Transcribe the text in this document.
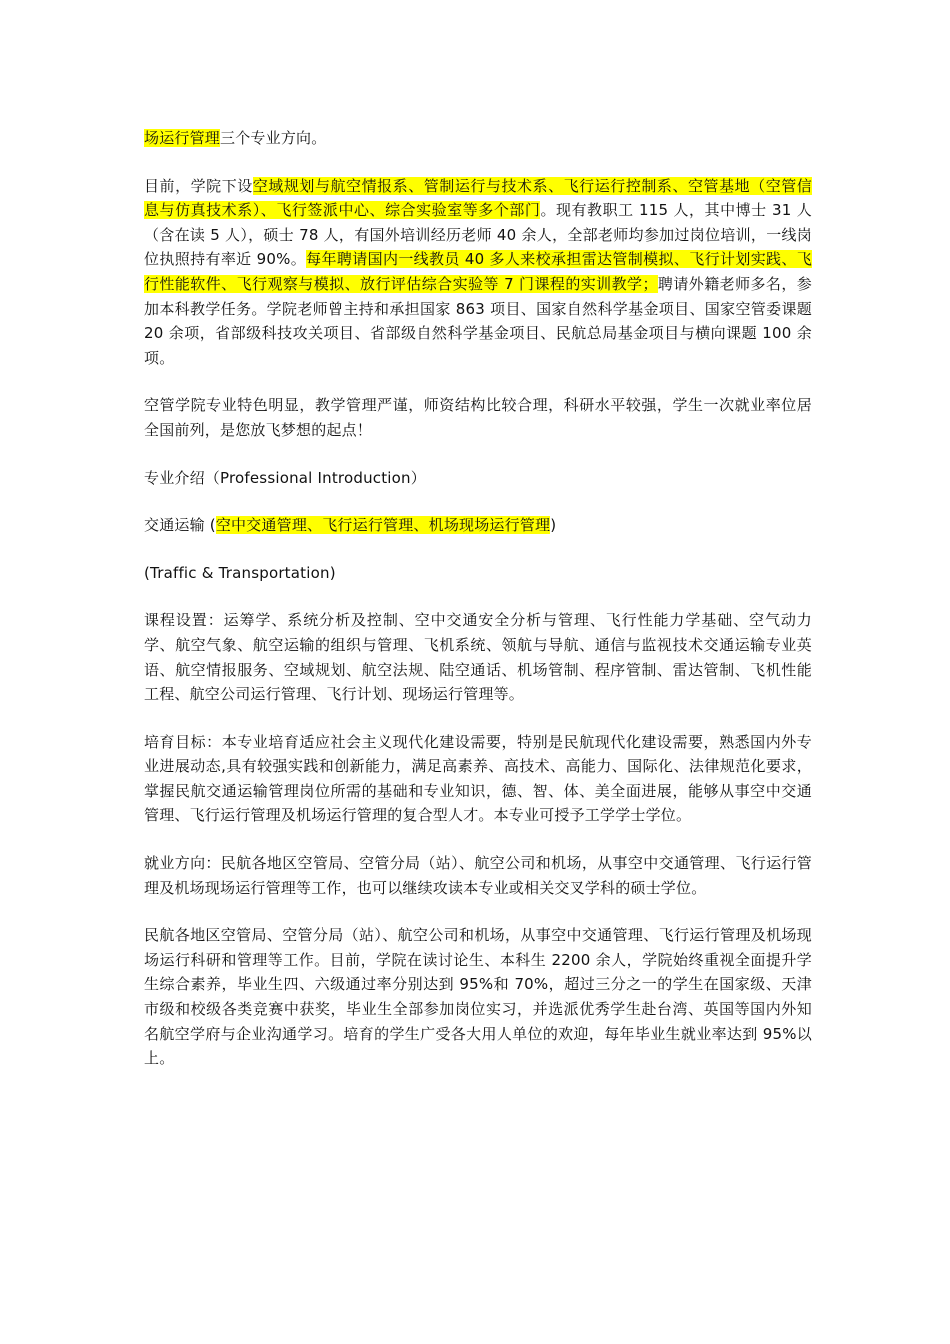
场运行管理三个专业方向。

目前，学院下设空域规划与航空情报系、管制运行与技术系、飞行运行控制系、空管基地（空管信息与仿真技术系）、飞行签派中心、综合实验室等多个部门。现有教职工 115 人，其中博士 31 人（含在读 5 人），硕士 78 人，有国外培训经历老师 40 余人，全部老师均参加过岗位培训，一线岗位执照持有率近 90%。每年聘请国内一线教员 40 多人来校承担雷达管制模拟、飞行计划实践、飞行性能软件、飞行观察与模拟、放行评估综合实验等 7 门课程的实训教学；聘请外籍老师多名，参加本科教学任务。学院老师曾主持和承担国家 863 项目、国家自然科学基金项目、国家空管委课题 20 余项，省部级科技攻关项目、省部级自然科学基金项目、民航总局基金项目与横向课题 100 余项。

空管学院专业特色明显，教学管理严谨，师资结构比较合理，科研水平较强，学生一次就业率位居全国前列，是您放飞梦想的起点！

专业介绍（Professional Introduction）

交通运输 (空中交通管理、飞行运行管理、机场现场运行管理)

(Traffic & Transportation)

课程设置：运筹学、系统分析及控制、空中交通安全分析与管理、飞行性能力学基础、空气动力学、航空气象、航空运输的组织与管理、飞机系统、领航与导航、通信与监视技术交通运输专业英语、航空情报服务、空域规划、航空法规、陆空通话、机场管制、程序管制、雷达管制、飞机性能工程、航空公司运行管理、飞行计划、现场运行管理等。

培育目标：本专业培育适应社会主义现代化建设需要，特别是民航现代化建设需要，熟悉国内外专业进展动态,具有较强实践和创新能力，满足高素养、高技术、高能力、国际化、法律规范化要求，掌握民航交通运输管理岗位所需的基础和专业知识，德、智、体、美全面进展，能够从事空中交通管理、飞行运行管理及机场运行管理的复合型人才。本专业可授予工学学士学位。

就业方向：民航各地区空管局、空管分局（站）、航空公司和机场，从事空中交通管理、飞行运行管理及机场现场运行管理等工作，也可以继续攻读本专业或相关交叉学科的硕士学位。

民航各地区空管局、空管分局（站）、航空公司和机场，从事空中交通管理、飞行运行管理及机场现场运行科研和管理等工作。目前，学院在读讨论生、本科生 2200 余人，学院始终重视全面提升学生综合素养，毕业生四、六级通过率分别达到 95%和 70%，超过三分之一的学生在国家级、天津市级和校级各类竞赛中获奖，毕业生全部参加岗位实习，并选派优秀学生赴台湾、英国等国内外知名航空学府与企业沟通学习。培育的学生广受各大用人单位的欢迎，每年毕业生就业率达到 95%以上。
